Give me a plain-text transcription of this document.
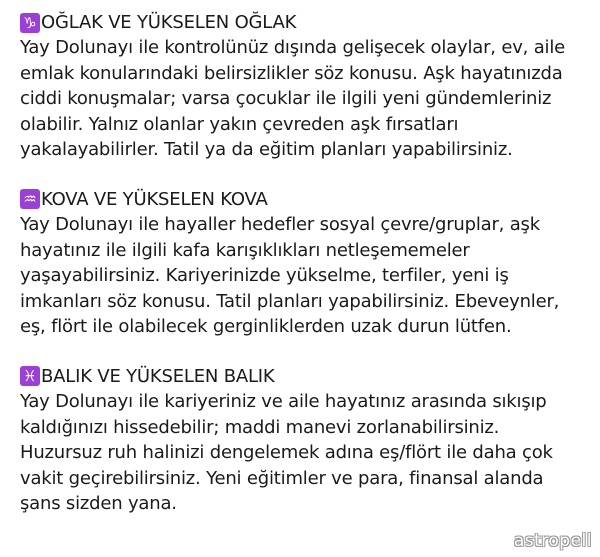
♑ OĞLAK VE YÜKSELEN OĞLAK
Yay Dolunayı ile kontrolünüz dışında gelişecek olaylar, ev, aile
emlak konularındaki belirsizlikler söz konusu. Aşk hayatınızda
ciddi konuşmalar; varsa çocuklar ile ilgili yeni gündemleriniz
olabilir. Yalnız olanlar yakın çevreden aşk fırsatları
yakalayabilirler. Tatil ya da eğitim planları yapabilirsiniz.
♒ KOVA VE YÜKSELEN KOVA
Yay Dolunayı ile hayaller hedefler sosyal çevre/gruplar, aşk
hayatınız ile ilgili kafa karışıklıkları netleşememeler
yaşayabilirsiniz. Kariyerinizde yükselme, terfiler, yeni iş
imkanları söz konusu. Tatil planları yapabilirsiniz. Ebeveynler,
eş, flört ile olabilecek gerginliklerden uzak durun lütfen.
♓ BALIK VE YÜKSELEN BALIK
Yay Dolunayı ile kariyeriniz ve aile hayatınız arasında sıkışıp
kaldığınızı hissedebilir; maddi manevi zorlanabilirsiniz.
Huzursuz ruh halinizi dengelemek adına eş/flört ile daha çok
vakit geçirebilirsiniz. Yeni eğitimler ve para, finansal alanda
şans sizden yana.
astropell
